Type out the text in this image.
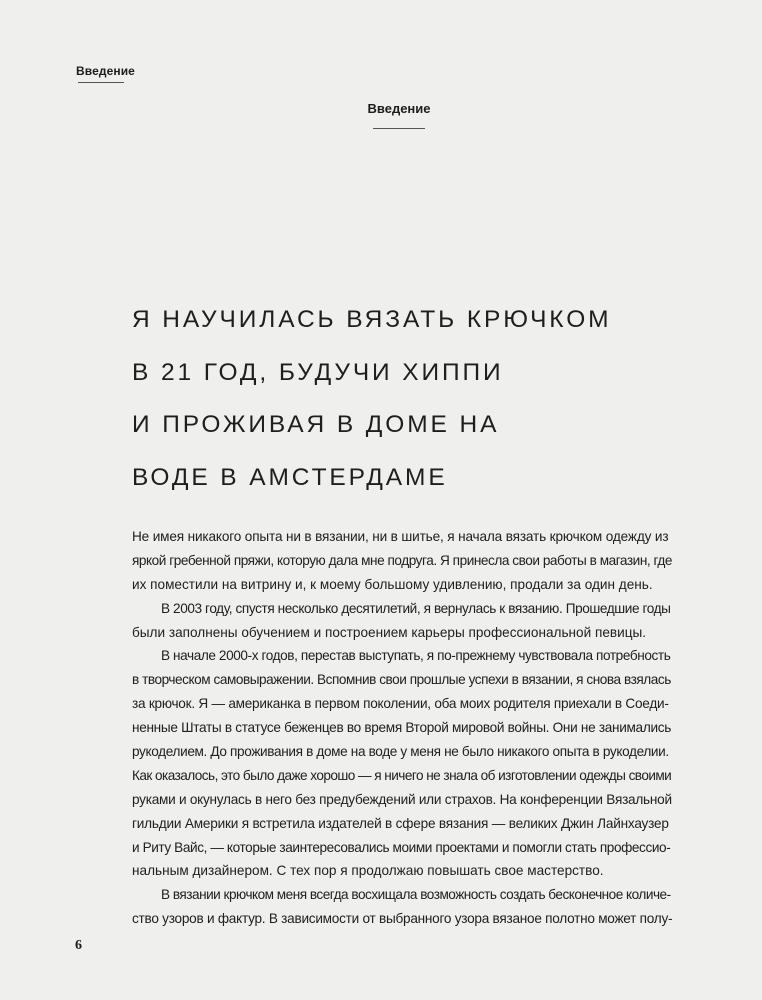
Введение
Введение
Я НАУЧИЛАСЬ ВЯЗАТЬ КРЮЧКОМ
В 21 ГОД, БУДУЧИ ХИППИ
И ПРОЖИВАЯ В ДОМЕ НА
ВОДЕ В АМСТЕРДАМЕ
Не имея никакого опыта ни в вязании, ни в шитье, я начала вязать крючком одежду из
яркой гребенной пряжи, которую дала мне подруга. Я принесла свои работы в магазин, где
их поместили на витрину и, к моему большому удивлению, продали за один день.
В 2003 году, спустя несколько десятилетий, я вернулась к вязанию. Прошедшие годы
были заполнены обучением и построением карьеры профессиональной певицы.
В начале 2000-х годов, перестав выступать, я по-прежнему чувствовала потребность
в творческом самовыражении. Вспомнив свои прошлые успехи в вязании, я снова взялась
за крючок. Я — американка в первом поколении, оба моих родителя приехали в Соеди-
ненные Штаты в статусе беженцев во время Второй мировой войны. Они не занимались
рукоделием. До проживания в доме на воде у меня не было никакого опыта в рукоделии.
Как оказалось, это было даже хорошо — я ничего не знала об изготовлении одежды своими
руками и окунулась в него без предубеждений или страхов. На конференции Вязальной
гильдии Америки я встретила издателей в сфере вязания — великих Джин Лайнхаузер
и Риту Вайс, — которые заинтересовались моими проектами и помогли стать профессио-
нальным дизайнером. С тех пор я продолжаю повышать свое мастерство.
В вязании крючком меня всегда восхищала возможность создать бесконечное количе-
ство узоров и фактур. В зависимости от выбранного узора вязаное полотно может полу-
6
